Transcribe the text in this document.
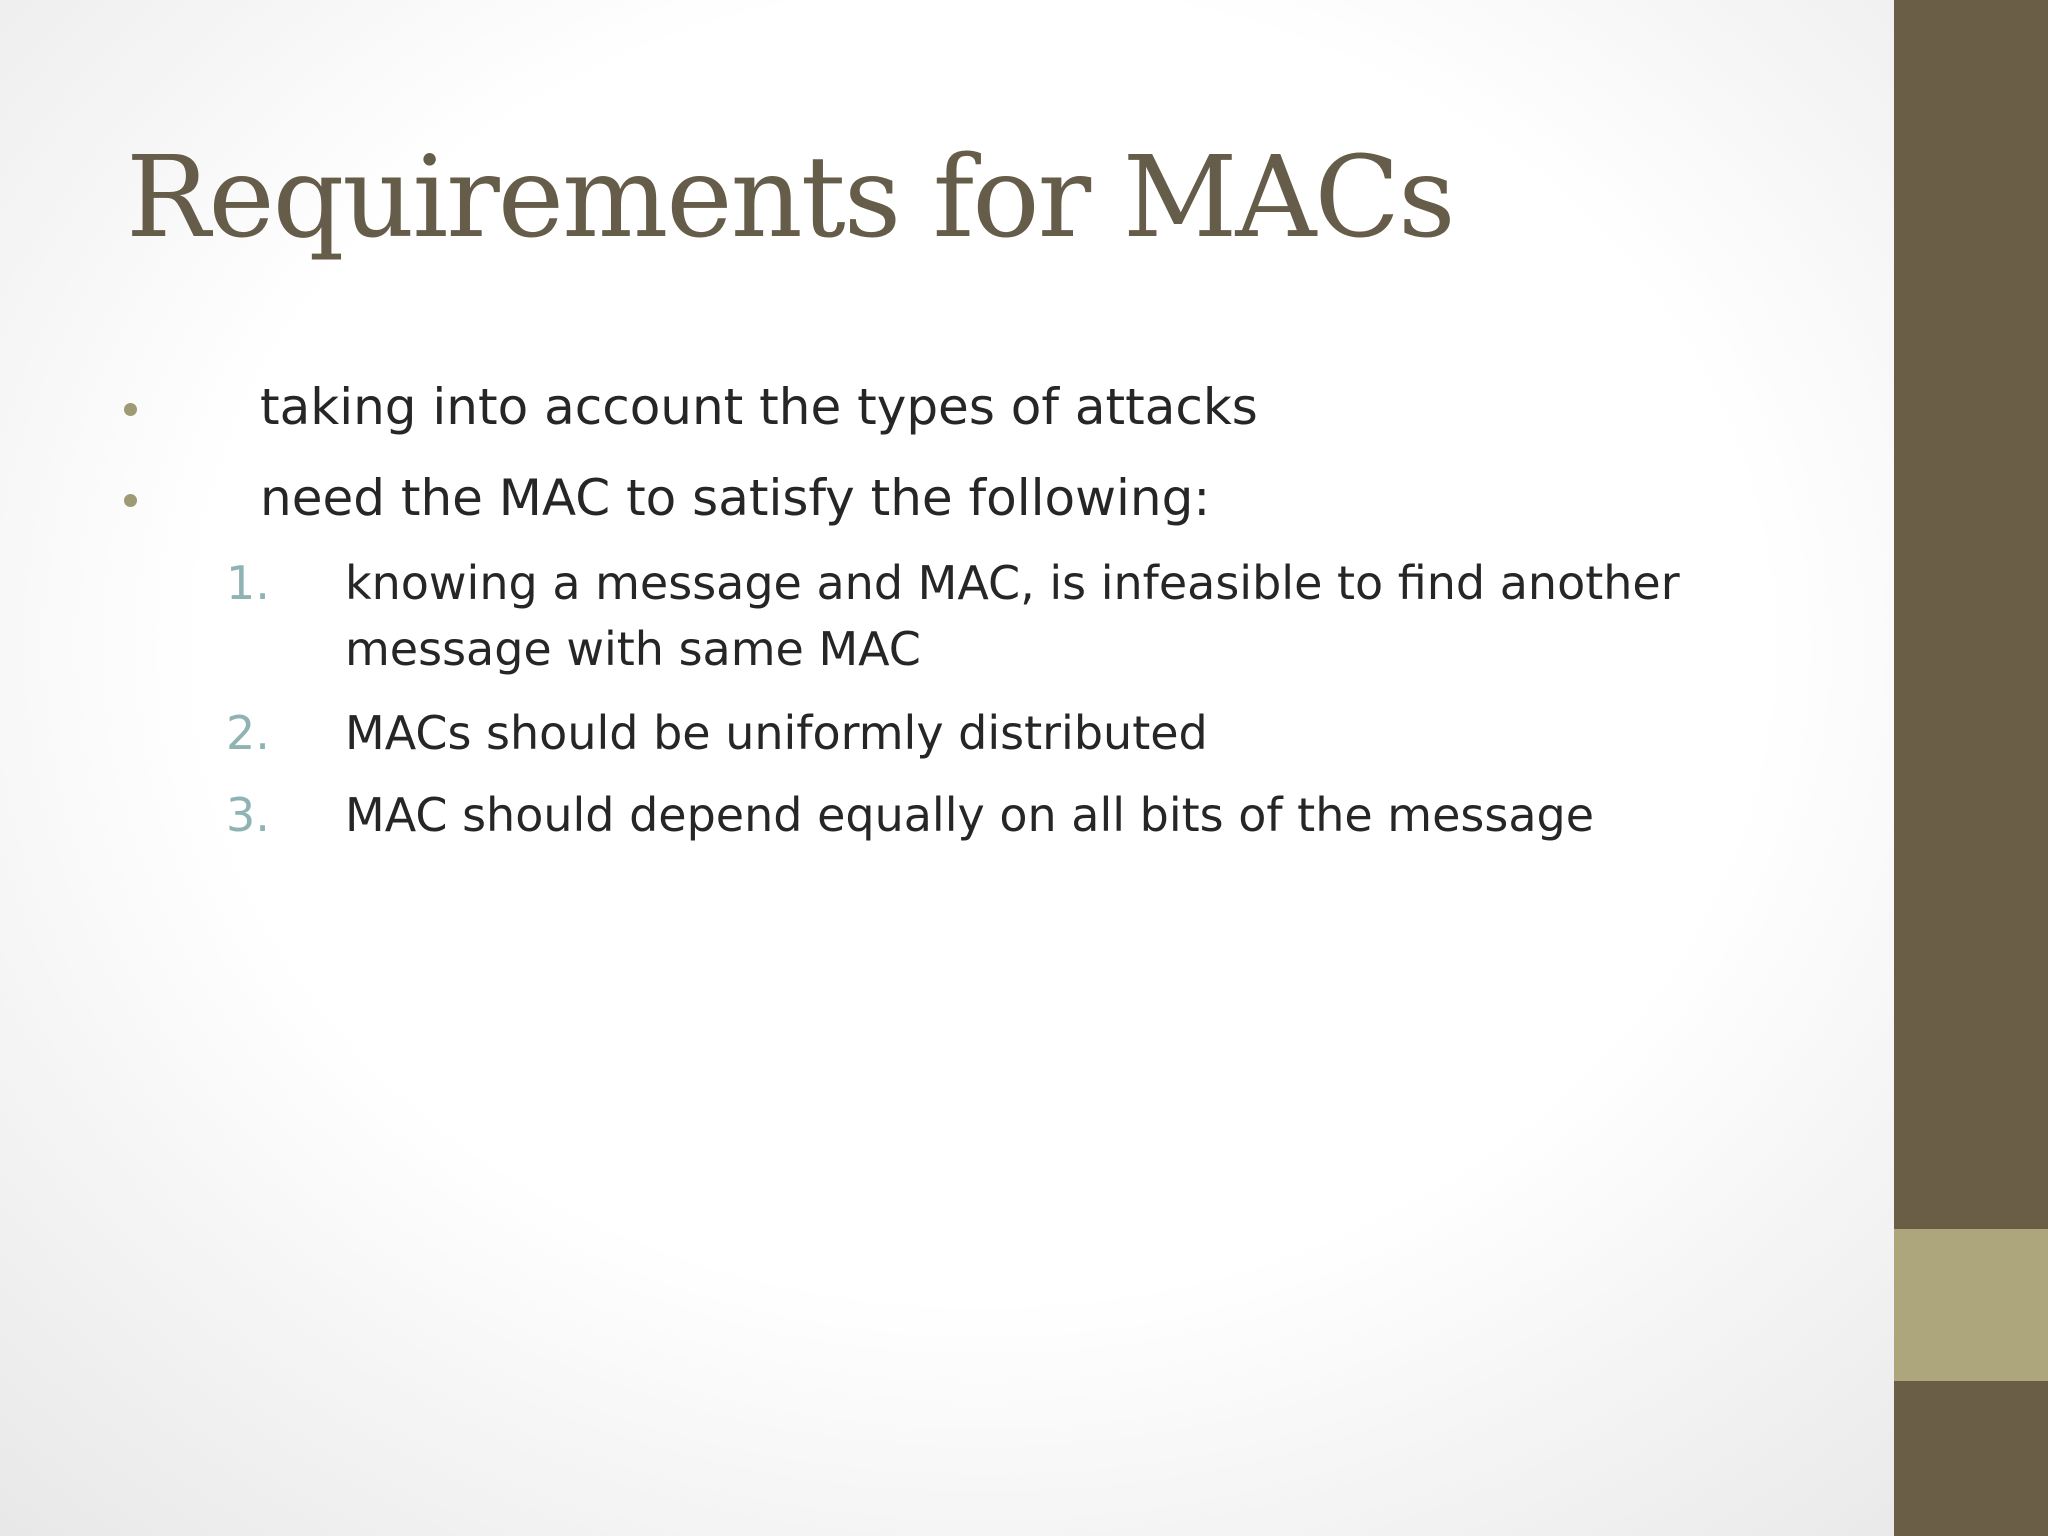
Requirements for MACs
taking into account the types of attacks
need the MAC to satisfy the following:
1. knowing a message and MAC, is infeasible to find another message with same MAC
2. MACs should be uniformly distributed
3. MAC should depend equally on all bits of the message
